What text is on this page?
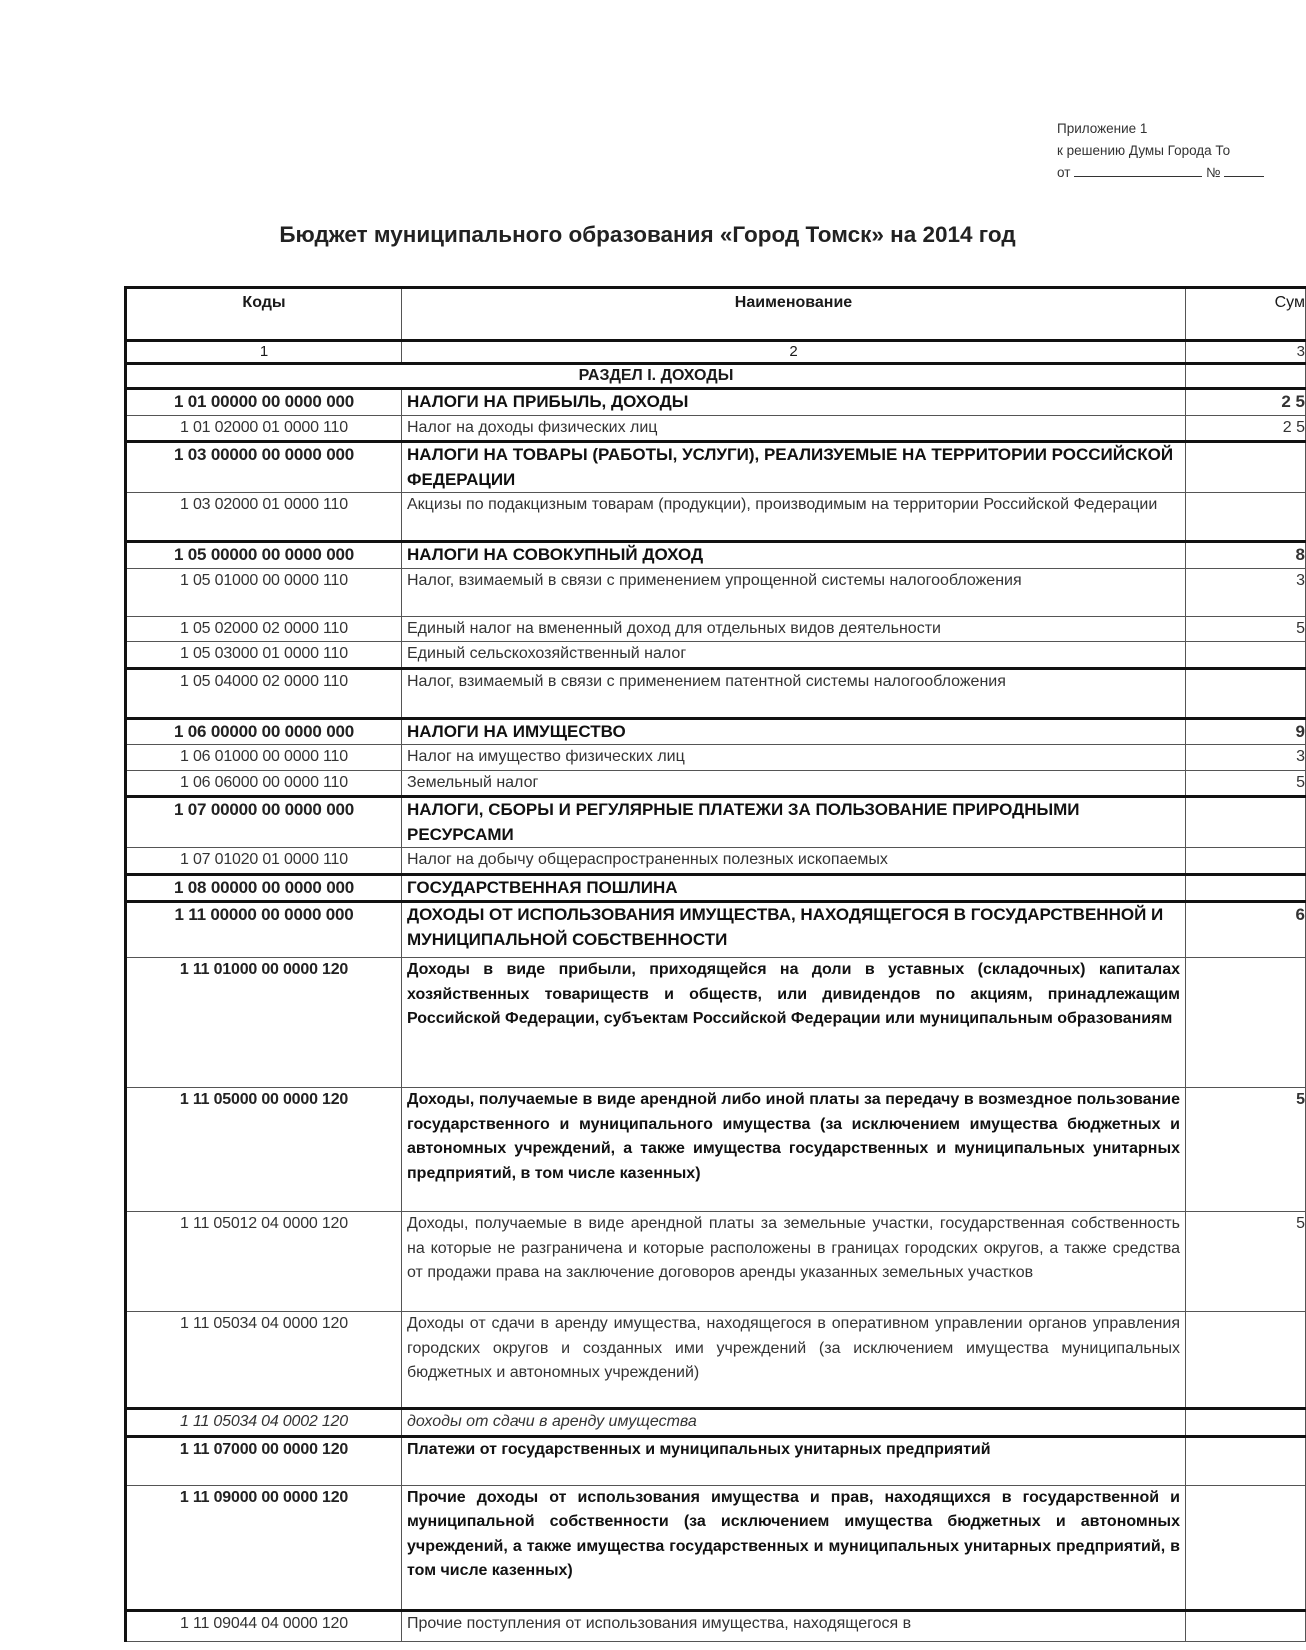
Приложение 1
к решению Думы Города То
от	№
Бюджет муниципального образования «Город Томск» на 2014 год
Коды	Наименование	Сум
1	2	3
РАЗДЕЛ I. ДОХОДЫ		
1 01 00000 00 0000 000	НАЛОГИ НА ПРИБЫЛЬ, ДОХОДЫ	2 5
1 01 02000 01 0000 110	Налог на доходы физических лиц	2 5
1 03 00000 00 0000 000	НАЛОГИ НА ТОВАРЫ (РАБОТЫ, УСЛУГИ), РЕАЛИЗУЕМЫЕ НА ТЕРРИТОРИИ РОССИЙСКОЙ ФЕДЕРАЦИИ	
1 03 02000 01 0000 110	Акцизы по подакцизным товарам (продукции), производимым на территории Российской Федерации	
1 05 00000 00 0000 000	НАЛОГИ НА СОВОКУПНЫЙ ДОХОД	8
1 05 01000 00 0000 110	Налог, взимаемый в связи с применением упрощенной системы налогообложения	3
1 05 02000 02 0000 110	Единый налог на вмененный доход для отдельных видов деятельности	5
1 05 03000 01 0000 110	Единый сельскохозяйственный налог	
1 05 04000 02 0000 110	Налог, взимаемый в связи с применением патентной системы налогообложения	
1 06 00000 00 0000 000	НАЛОГИ НА ИМУЩЕСТВО	9
1 06 01000 00 0000 110	Налог на имущество физических лиц	3
1 06 06000 00 0000 110	Земельный налог	5
1 07 00000 00 0000 000	НАЛОГИ, СБОРЫ И РЕГУЛЯРНЫЕ ПЛАТЕЖИ ЗА ПОЛЬЗОВАНИЕ ПРИРОДНЫМИ РЕСУРСАМИ	
1 07 01020 01 0000 110	Налог на добычу общераспространенных полезных ископаемых	
1 08 00000 00 0000 000	ГОСУДАРСТВЕННАЯ ПОШЛИНА	
1 11 00000 00 0000 000	ДОХОДЫ ОТ ИСПОЛЬЗОВАНИЯ ИМУЩЕСТВА, НАХОДЯЩЕГОСЯ В ГОСУДАРСТВЕННОЙ И МУНИЦИПАЛЬНОЙ СОБСТВЕННОСТИ	6
1 11 01000 00 0000 120	Доходы в виде прибыли, приходящейся на доли в уставных (складочных) капиталах хозяйственных товариществ и обществ, или дивидендов по акциям, принадлежащим Российской Федерации, субъектам Российской Федерации или муниципальным образованиям	
1 11 05000 00 0000 120	Доходы, получаемые в виде арендной либо иной платы за передачу в возмездное пользование государственного и муниципального имущества (за исключением имущества бюджетных и автономных учреждений, а также имущества государственных и муниципальных унитарных предприятий, в том числе казенных)	5
1 11 05012 04 0000 120	Доходы, получаемые в виде арендной платы за земельные участки, государственная собственность на которые не разграничена и которые расположены в границах городских округов, а также средства от продажи права на заключение договоров аренды указанных земельных участков	5
1 11 05034 04 0000 120	Доходы от сдачи в аренду имущества, находящегося в оперативном управлении органов управления городских округов и созданных ими учреждений (за исключением имущества муниципальных бюджетных и автономных учреждений)	
1 11 05034 04 0002 120	доходы от сдачи в аренду имущества	
1 11 07000 00 0000 120	Платежи от государственных и муниципальных унитарных предприятий	
1 11 09000 00 0000 120	Прочие доходы от использования имущества и прав, находящихся в государственной и муниципальной собственности (за исключением имущества бюджетных и автономных учреждений, а также имущества государственных и муниципальных унитарных предприятий, в том числе казенных)	
1 11 09044 04 0000 120	Прочие поступления от использования имущества, находящегося в	
